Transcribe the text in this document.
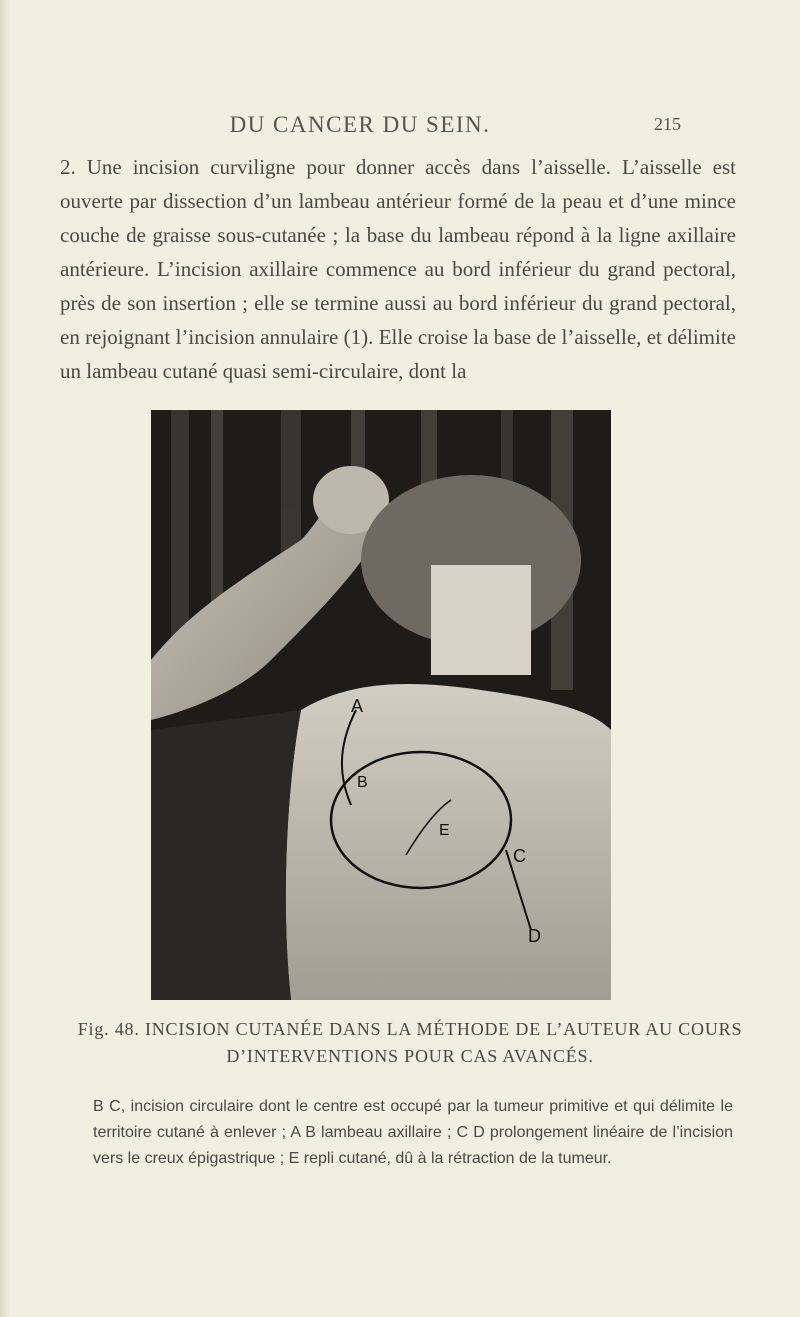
DU CANCER DU SEIN.	215
2. Une incision curviligne pour donner accès dans l’aisselle. L’aisselle est ouverte par dissection d’un lambeau antérieur formé de la peau et d’une mince couche de graisse sous-cutanée ; la base du lambeau répond à la ligne axillaire antérieure. L’incision axillaire commence au bord inférieur du grand pectoral, près de son insertion ; elle se termine aussi au bord inférieur du grand pectoral, en rejoignant l’incision annulaire (1). Elle croise la base de l’aisselle, et délimite un lambeau cutané quasi semi-circulaire, dont la
A
B
C
D
E
Fig. 48. INCISION CUTANÉE DANS LA MÉTHODE DE L’AUTEUR AU COURS D’INTERVENTIONS POUR CAS AVANCÉS.
B C, incision circulaire dont le centre est occupé par la tumeur primitive et qui délimite le territoire cutané à enlever ; A B lambeau axillaire ; C D prolongement linéaire de l’incision vers le creux épigastrique ; E repli cutané, dû à la rétraction de la tumeur.
